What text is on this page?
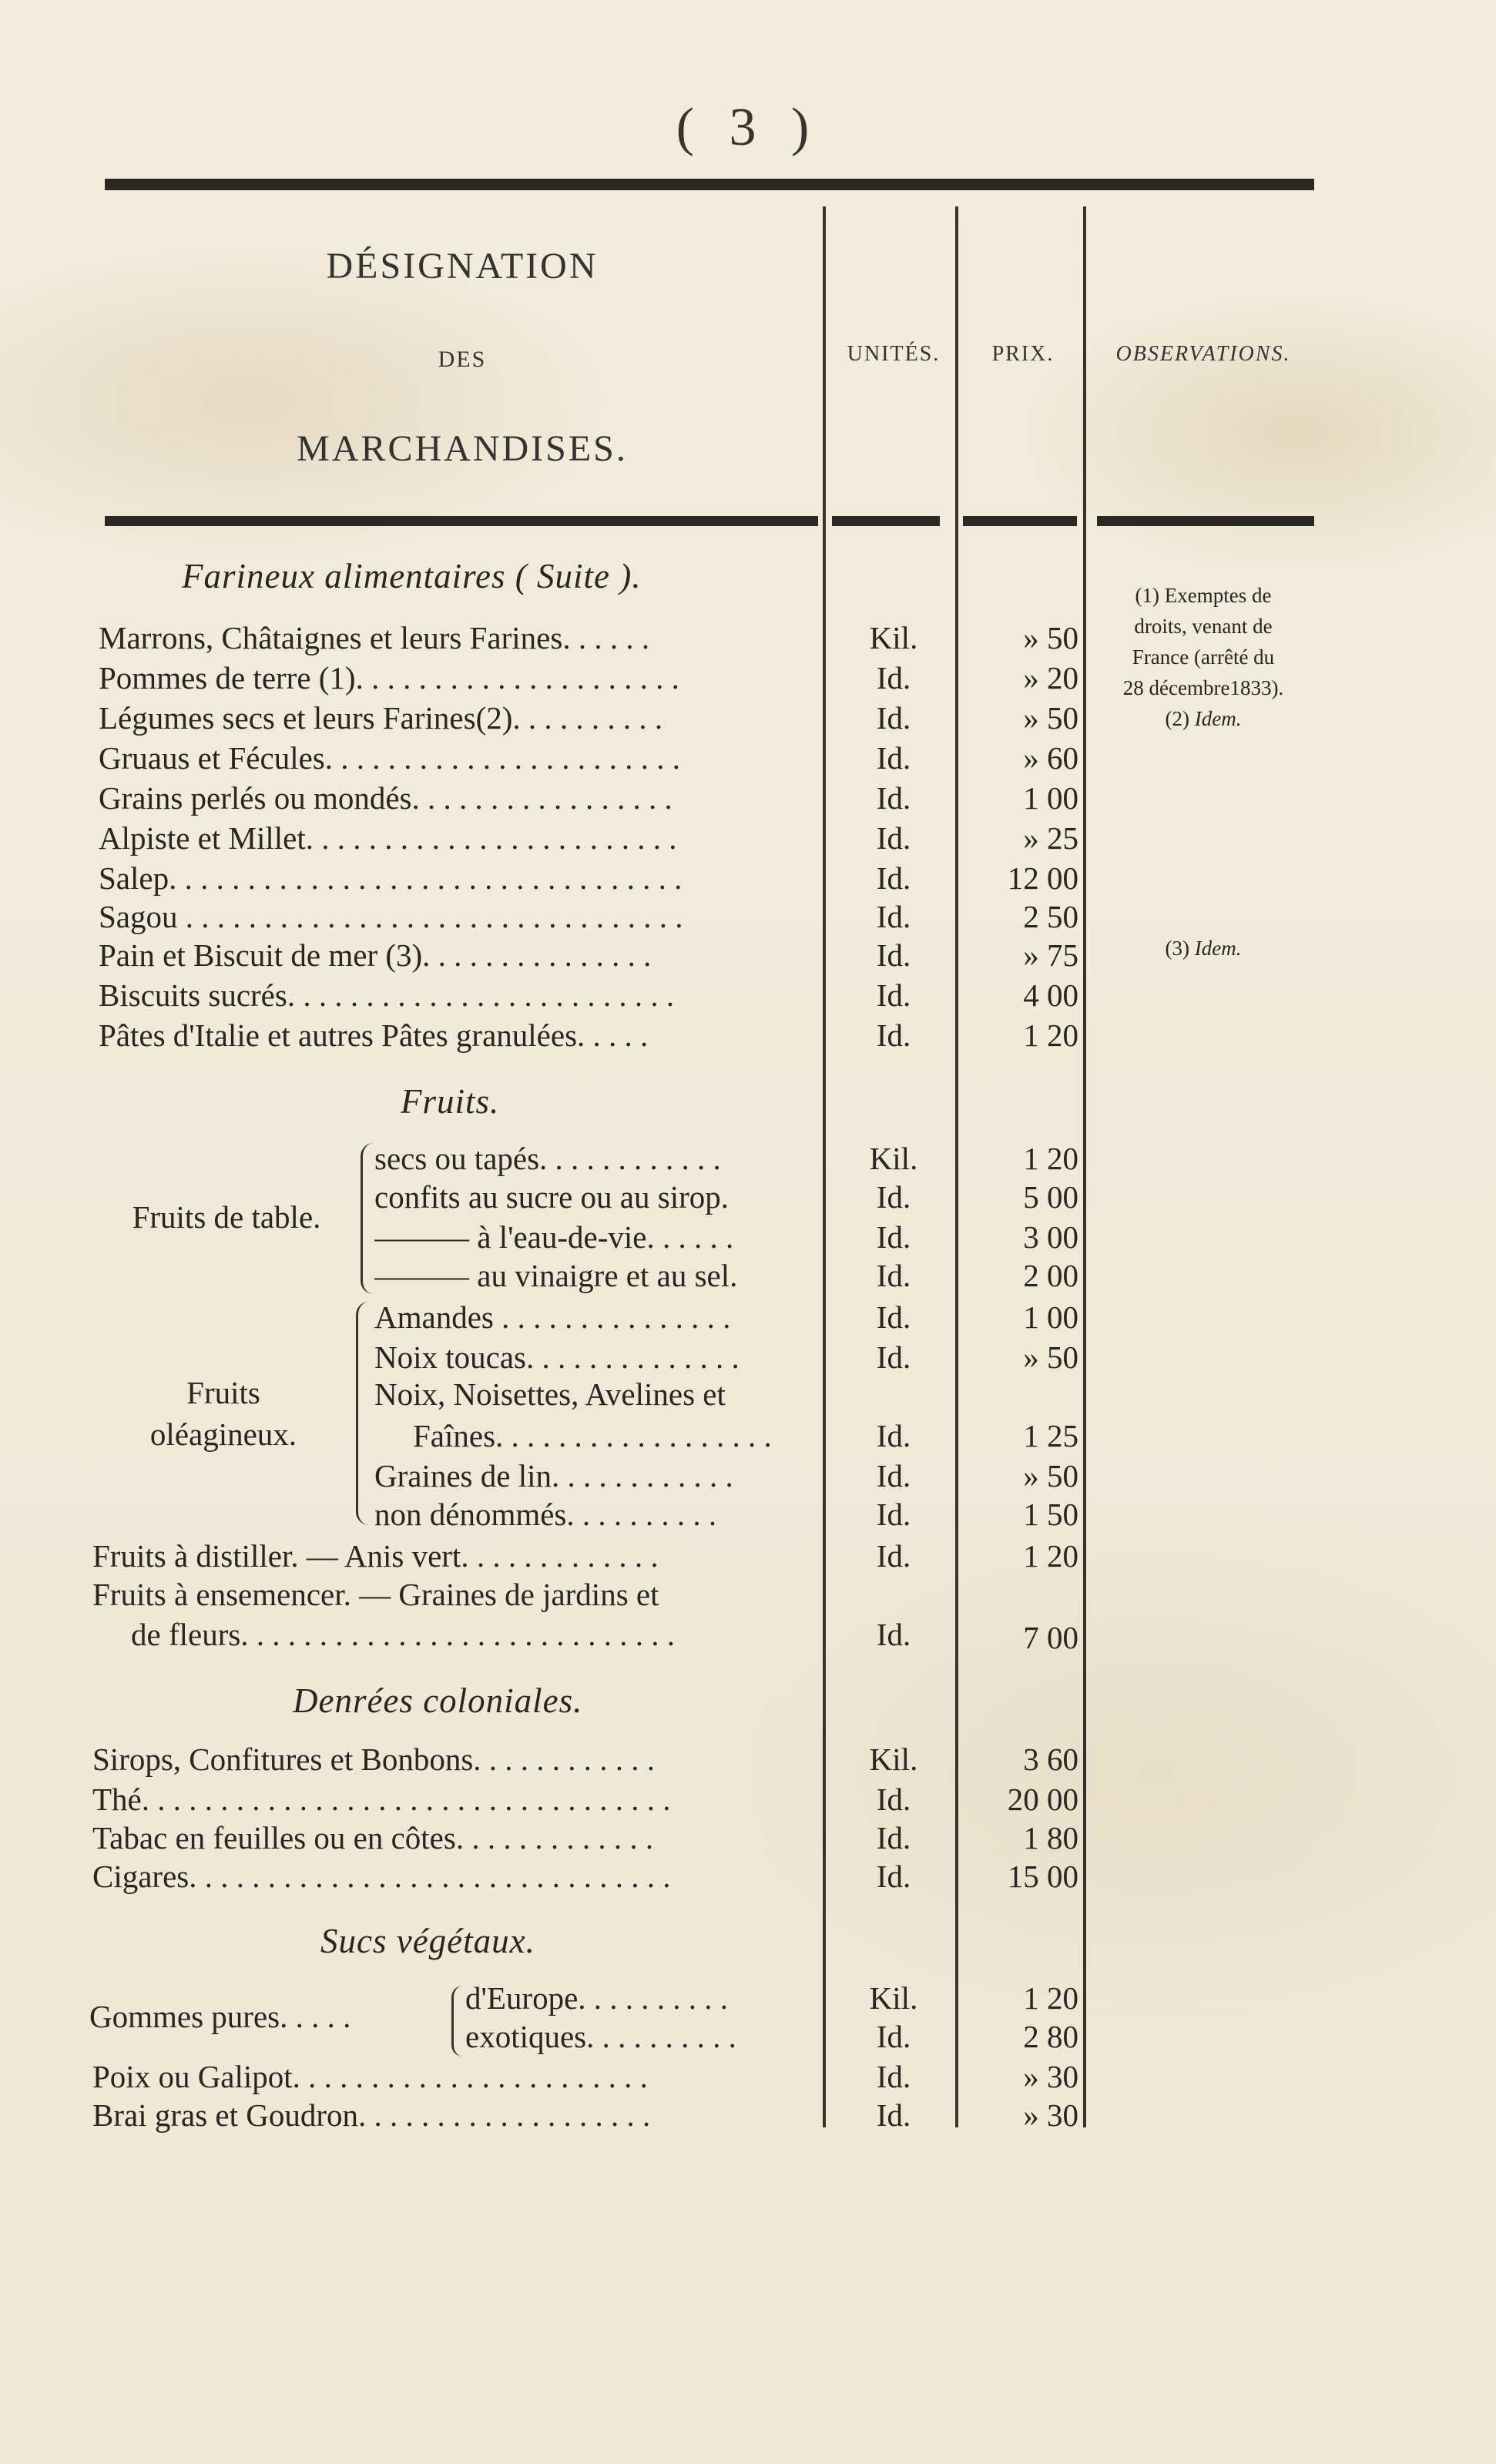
( 3 )
DÉSIGNATION
DES
MARCHANDISES.
UNITÉS.	PRIX.	OBSERVATIONS.
Farineux alimentaires ( Suite ).
Marrons, Châtaignes et leurs Farines. . . . . .	Kil.	» 50
Pommes de terre (1). . . . . . . . . . . . . . . . . . . . .	Id.	» 20
Légumes secs et leurs Farines(2). . . . . . . . . .	Id.	» 50
Gruaus et Fécules. . . . . . . . . . . . . . . . . . . . . . .	Id.	» 60
Grains perlés ou mondés. . . . . . . . . . . . . . . . .	Id.	1 00
Alpiste et Millet. . . . . . . . . . . . . . . . . . . . . . . .	Id.	» 25
Salep. . . . . . . . . . . . . . . . . . . . . . . . . . . . . . . . .	Id.	12 00
Sagou . . . . . . . . . . . . . . . . . . . . . . . . . . . . . . . .	Id.	2 50
Pain et Biscuit de mer (3). . . . . . . . . . . . . . .	Id.	» 75
Biscuits sucrés. . . . . . . . . . . . . . . . . . . . . . . . .	Id.	4 00
Pâtes d'Italie et autres Pâtes granulées. . . . .	Id.	1 20
Fruits.
Fruits de table.
secs ou tapés. . . . . . . . . . . .	Kil.	1 20
confits au sucre ou au sirop.	Id.	5 00
——— à l'eau-de-vie. . . . . .	Id.	3 00
——— au vinaigre et au sel.	Id.	2 00
Fruits
oléagineux.
Amandes . . . . . . . . . . . . . . .	Id.	1 00
Noix toucas. . . . . . . . . . . . . .	Id.	» 50
Noix, Noisettes, Avelines et
Faînes. . . . . . . . . . . . . . . . . .	Id.	1 25
Graines de lin. . . . . . . . . . . .	Id.	» 50
non dénommés. . . . . . . . . .	Id.	1 50
Fruits à distiller. — Anis vert. . . . . . . . . . . . .	Id.	1 20
Fruits à ensemencer. — Graines de jardins et
de fleurs. . . . . . . . . . . . . . . . . . . . . . . . . . . .	Id.	7 00
Denrées coloniales.
Sirops, Confitures et Bonbons. . . . . . . . . . . .	Kil.	3 60
Thé. . . . . . . . . . . . . . . . . . . . . . . . . . . . . . . . . .	Id.	20 00
Tabac en feuilles ou en côtes. . . . . . . . . . . . .	Id.	1 80
Cigares. . . . . . . . . . . . . . . . . . . . . . . . . . . . . . .	Id.	15 00
Sucs végétaux.
Gommes pures. . . . .
d'Europe. . . . . . . . . .	Kil.	1 20
exotiques. . . . . . . . . .	Id.	2 80
Poix ou Galipot. . . . . . . . . . . . . . . . . . . . . . .	Id.	» 30
Brai gras et Goudron. . . . . . . . . . . . . . . . . . .	Id.	» 30
(1) Exemptes de
droits, venant de
France (arrêté du
28 décembre1833).
(2) Idem.
(3) Idem.
